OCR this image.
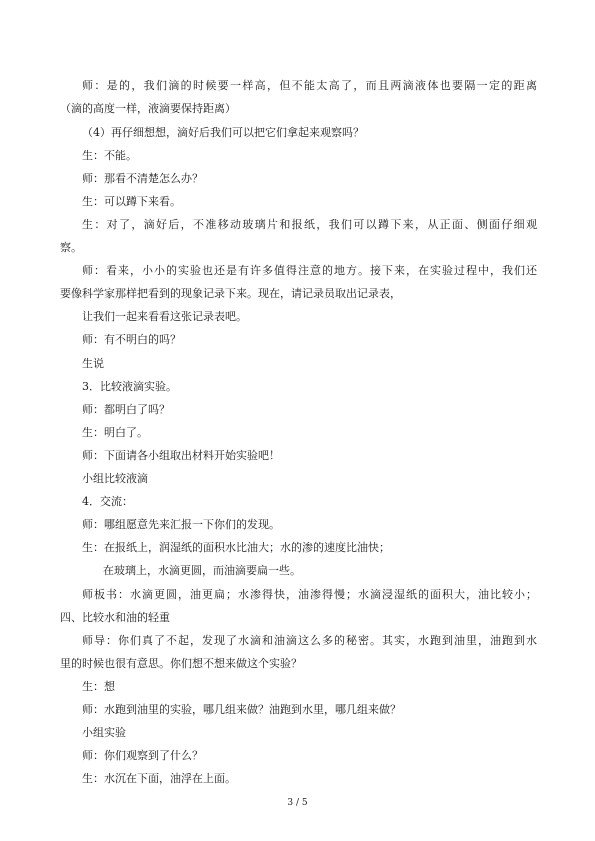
师：是的，我们滴的时候要一样高，但不能太高了，而且两滴液体也要隔一定的距离
（滴的高度一样，液滴要保持距离）
（4）再仔细想想，滴好后我们可以把它们拿起来观察吗？
生：不能。
师：那看不清楚怎么办？
生：可以蹲下来看。
生：对了，滴好后，不准移动玻璃片和报纸，我们可以蹲下来，从正面、侧面仔细观
察。
师：看来，小小的实验也还是有许多值得注意的地方。接下来，在实验过程中，我们还
要像科学家那样把看到的现象记录下来。现在，请记录员取出记录表，
让我们一起来看看这张记录表吧。
师：有不明白的吗？
生说
3．比较液滴实验。
师：都明白了吗？
生：明白了。
师：下面请各小组取出材料开始实验吧！
小组比较液滴
4．交流：
师：哪组愿意先来汇报一下你们的发现。
生：在报纸上，润湿纸的面积水比油大；水的渗的速度比油快；
在玻璃上，水滴更圆，而油滴要扁一些。
师板书：水滴更圆，油更扁；水渗得快，油渗得慢；水滴浸湿纸的面积大，油比较小；
四、比较水和油的轻重
师导：你们真了不起，发现了水滴和油滴这么多的秘密。其实，水跑到油里，油跑到水
里的时候也很有意思。你们想不想来做这个实验？
生：想
师：水跑到油里的实验，哪几组来做？油跑到水里，哪几组来做？
小组实验
师：你们观察到了什么？
生：水沉在下面，油浮在上面。
3 / 5
